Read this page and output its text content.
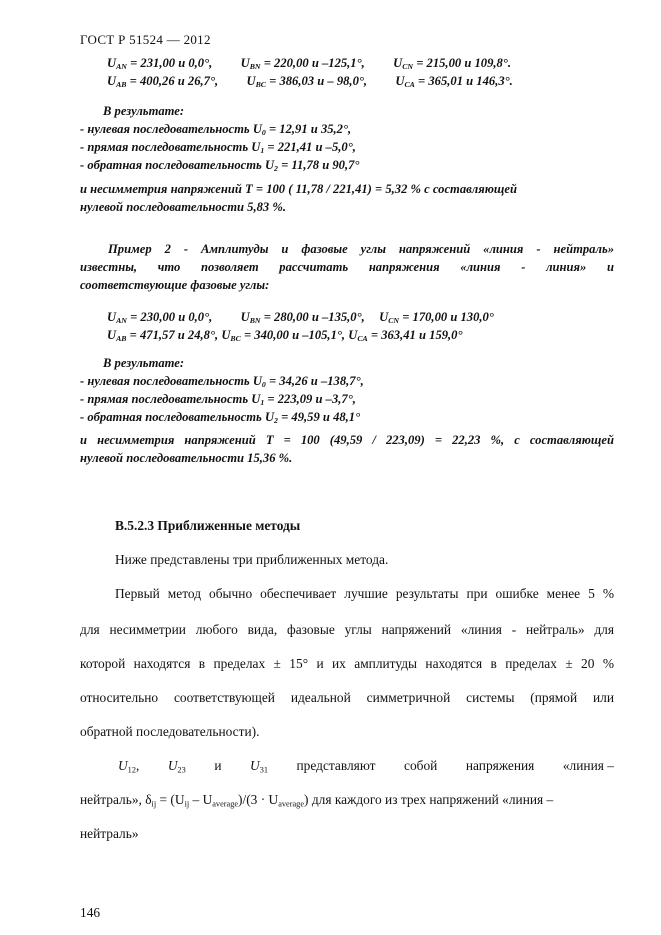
ГОСТ Р 51524 — 2012
$U_{AN} = 231,00$ и 0,0°, $U_{BN} = 220,00$ и –125,1°, $U_{CN} = 215,00$ и 109,8°.
$U_{AB} = 400,26$ и 26,7°, $U_{BC} = 386,03$ и – 98,0°, $U_{CA} = 365,01$ и 146,3°.
В результате:
- нулевая последовательность $U_0 = 12,91$ и 35,2°,
- прямая последовательность $U_1 = 221,41$ и –5,0°,
- обратная последовательность $U_2 = 11,78$ и 90,7°
и несимметрия напряжений Т = 100 ( 11,78 / 221,41) = 5,32 % с составляющей
нулевой последовательности 5,83 %.
Пример 2 - Амплитуды и фазовые углы напряжений «линия - нейтраль»
известны, что позволяет рассчитать напряжения «линия - линия» и
соответствующие фазовые углы:
$U_{AN} = 230,00$ и 0,0°, $U_{BN} = 280,00$ и –135,0°, $U_{CN} = 170,00$ и 130,0°
$U_{AB} = 471,57$ и 24,8°, $U_{BC} = 340,00$ и –105,1°, $U_{CA} = 363,41$ и 159,0°
В результате:
- нулевая последовательность $U_0 = 34,26$ и –138,7°,
- прямая последовательность $U_1 = 223,09$ и –3,7°,
- обратная последовательность $U_2 = 49,59$ и 48,1°
и несимметрия напряжений Т = 100 (49,59 / 223,09) = 22,23 %, с составляющей
нулевой последовательности 15,36 %.
В.5.2.3 Приближенные методы
Ниже представлены три приближенных метода.
Первый метод обычно обеспечивает лучшие результаты при ошибке менее 5 %
для несимметрии любого вида, фазовые углы напряжений «линия - нейтраль» для
которой находятся в пределах ± 15° и их амплитуды находятся в пределах ± 20 %
относительно соответствующей идеальной симметричной системы (прямой или
обратной последовательности).
$U_{12}$, $U_{23}$ и $U_{31}$ представляют собой напряжения «линия –
нейтраль», $\delta_{ij} = (U_{ij} - U_{average})/(3 \cdot U_{average})$ для каждого из трех напряжений «линия –
нейтраль»
146
